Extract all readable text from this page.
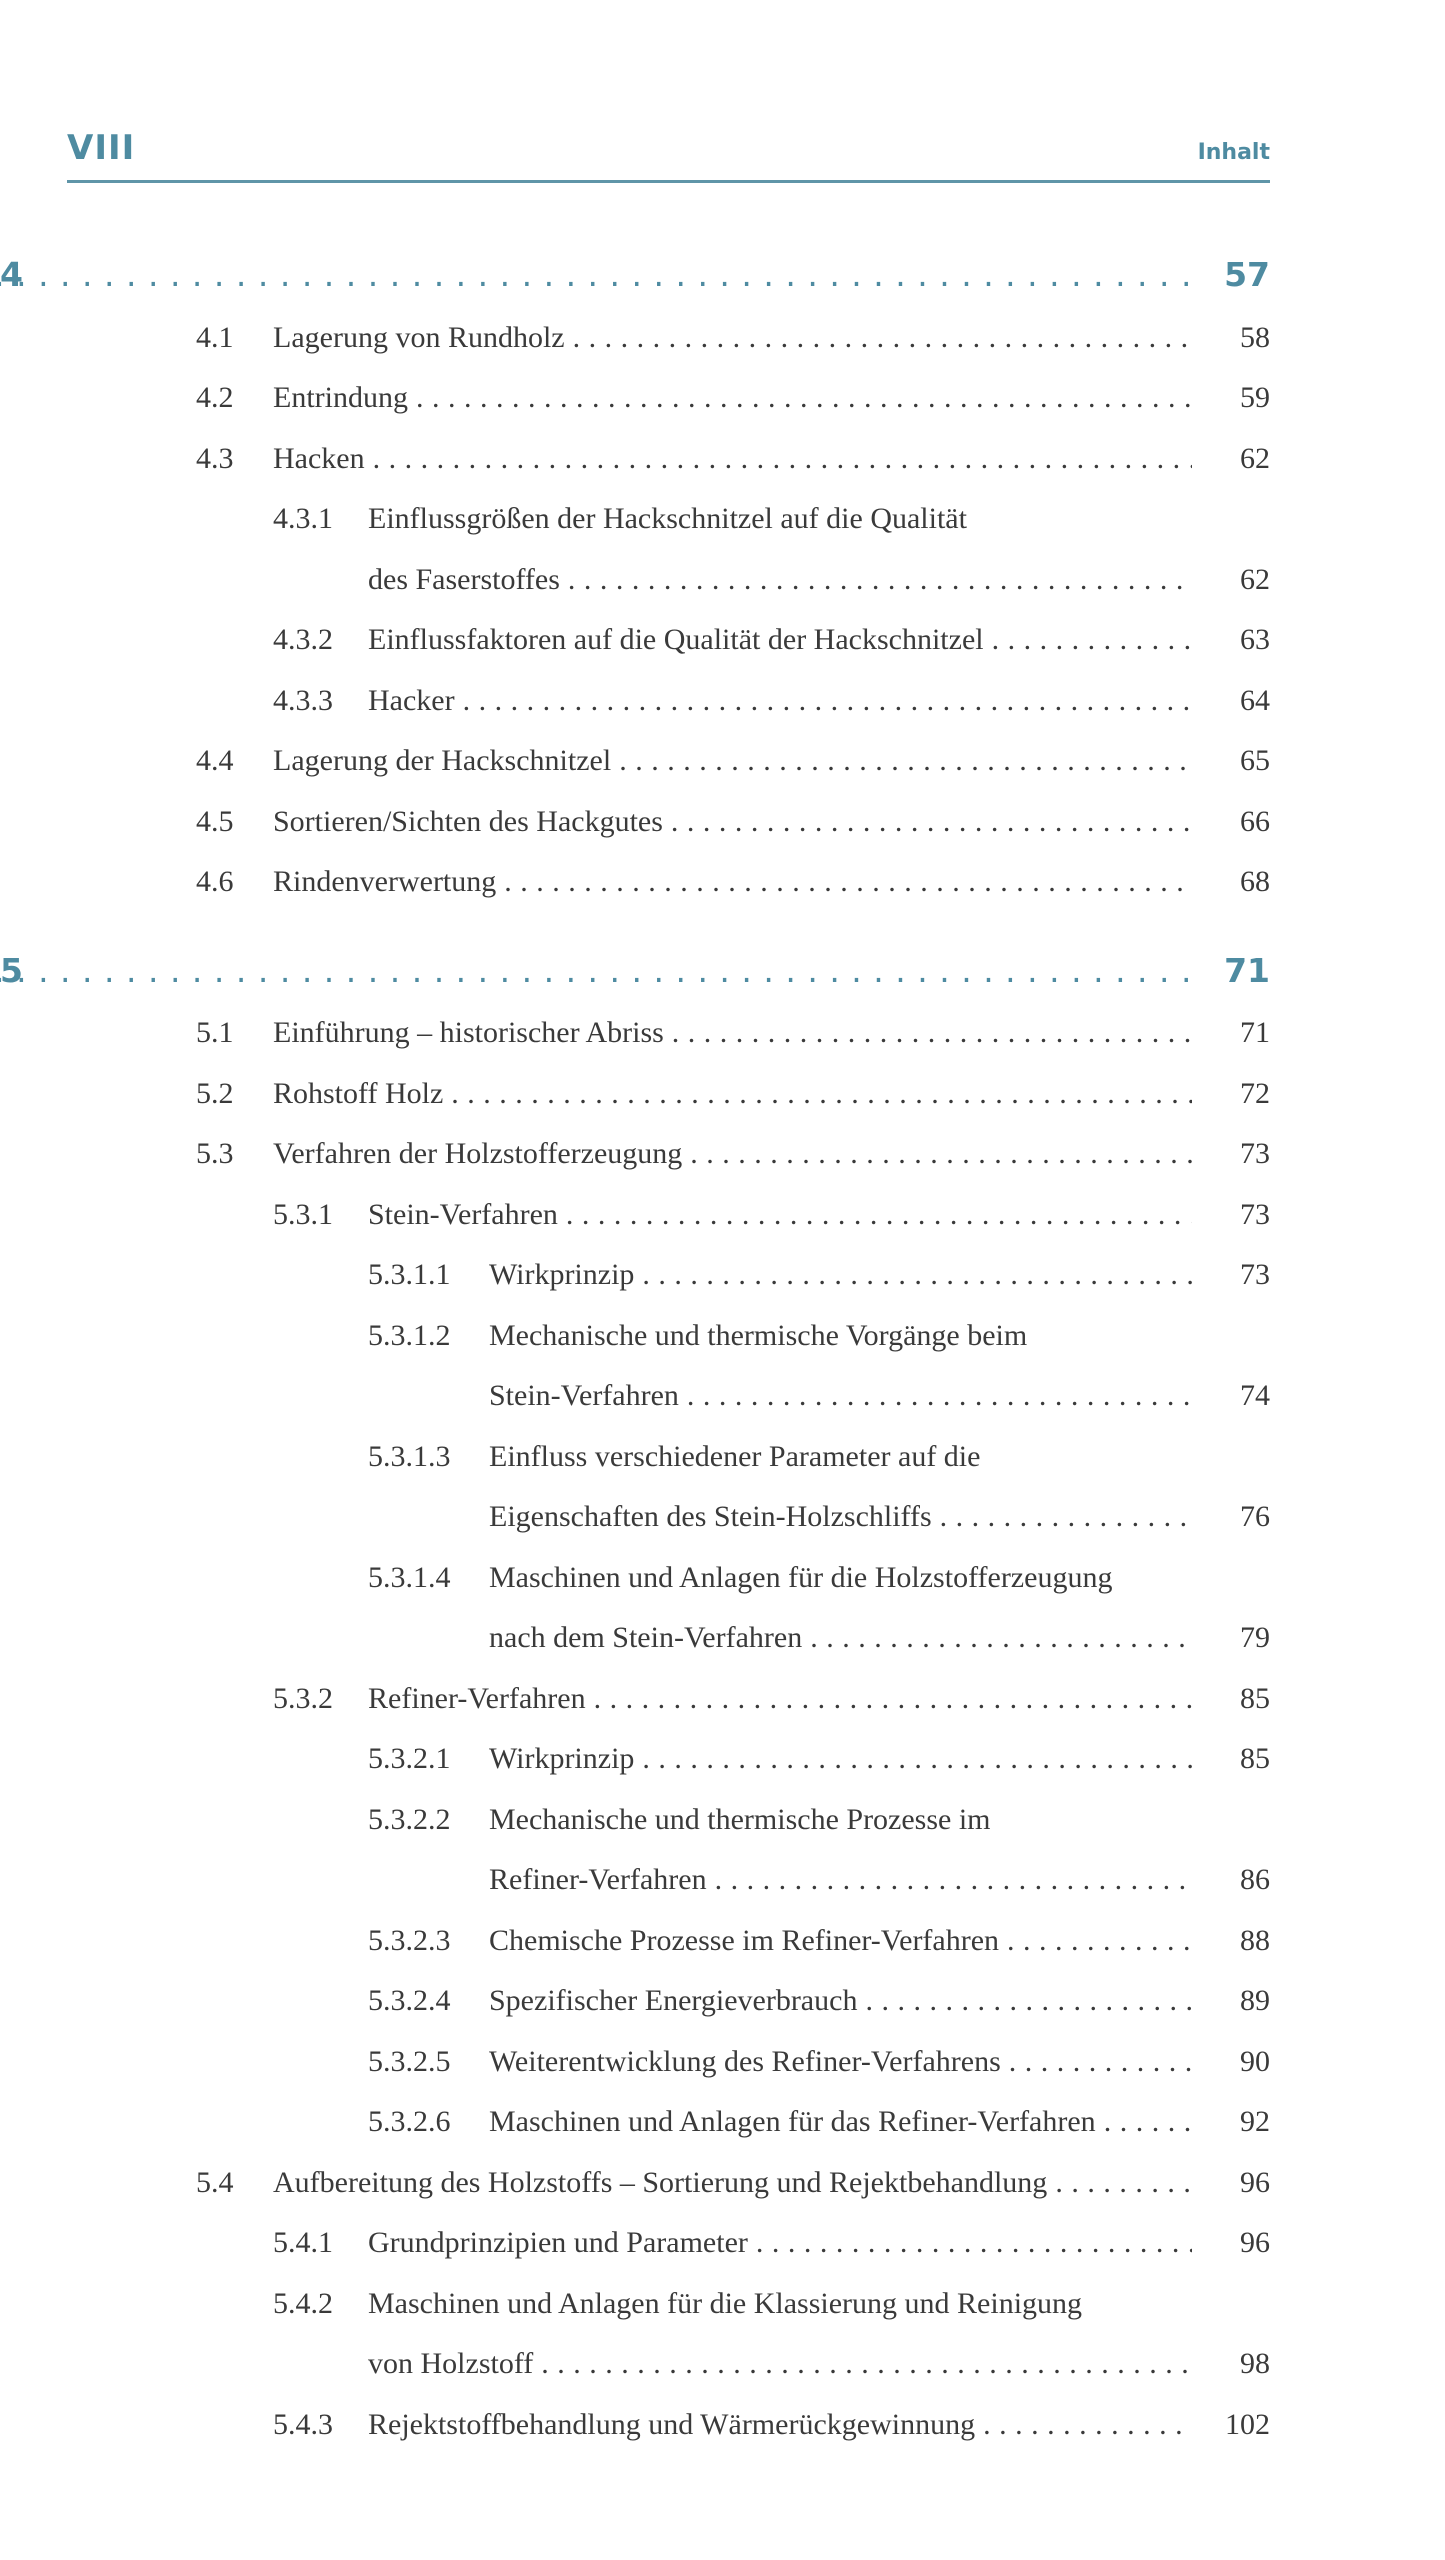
VIII	Inhalt
4 . . .	57
4.1 Lagerung von Rundholz . . .	58
4.2 Entrindung . . .	59
4.3 Hacken . . .	62
4.3.1 Einflussgrößen der Hackschnitzel auf die Qualität
des Faserstoffes . . .	62
4.3.2 Einflussfaktoren auf die Qualität der Hackschnitzel . . .	63
4.3.3 Hacker . . .	64
4.4 Lagerung der Hackschnitzel . . .	65
4.5 Sortieren/Sichten des Hackgutes . . .	66
4.6 Rindenverwertung . . .	68
5 . . .	71
5.1 Einführung – historischer Abriss . . .	71
5.2 Rohstoff Holz . . .	72
5.3 Verfahren der Holzstofferzeugung . . .	73
5.3.1 Stein-Verfahren . . .	73
5.3.1.1 Wirkprinzip . . .	73
5.3.1.2 Mechanische und thermische Vorgänge beim
Stein-Verfahren . . .	74
5.3.1.3 Einfluss verschiedener Parameter auf die
Eigenschaften des Stein-Holzschliffs . . .	76
5.3.1.4 Maschinen und Anlagen für die Holzstofferzeugung
nach dem Stein-Verfahren . . .	79
5.3.2 Refiner-Verfahren . . .	85
5.3.2.1 Wirkprinzip . . .	85
5.3.2.2 Mechanische und thermische Prozesse im
Refiner-Verfahren . . .	86
5.3.2.3 Chemische Prozesse im Refiner-Verfahren . . .	88
5.3.2.4 Spezifischer Energieverbrauch . . .	89
5.3.2.5 Weiterentwicklung des Refiner-Verfahrens . . .	90
5.3.2.6 Maschinen und Anlagen für das Refiner-Verfahren . . .	92
5.4 Aufbereitung des Holzstoffs – Sortierung und Rejektbehandlung . . .	96
5.4.1 Grundprinzipien und Parameter . . .	96
5.4.2 Maschinen und Anlagen für die Klassierung und Reinigung
von Holzstoff . . .	98
5.4.3 Rejektstoffbehandlung und Wärmerückgewinnung . . .	102
